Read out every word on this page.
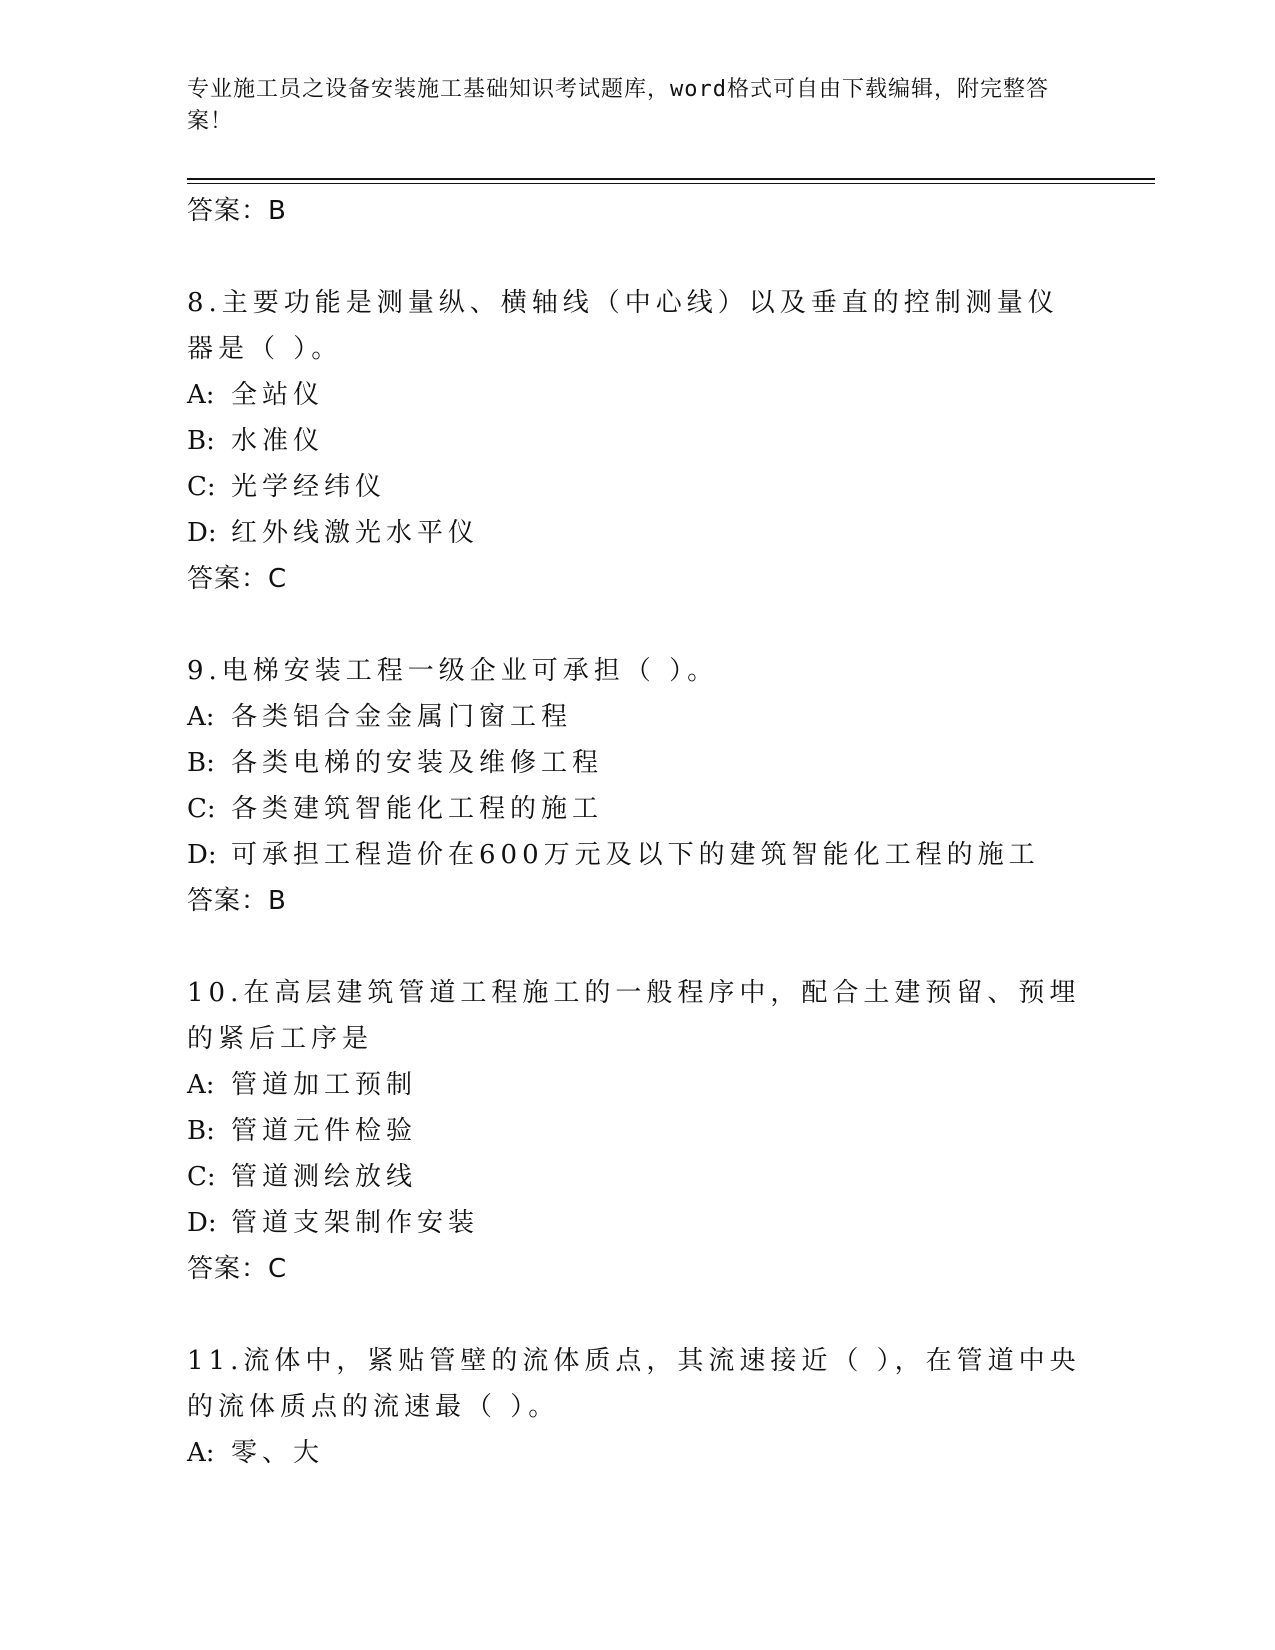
专业施工员之设备安装施工基础知识考试题库，word格式可自由下载编辑，附完整答案！
答案：B
8.主要功能是测量纵、横轴线（中心线）以及垂直的控制测量仪器是（ ）。
A: 全站仪
B: 水准仪
C: 光学经纬仪
D: 红外线激光水平仪
答案：C
9.电梯安装工程一级企业可承担（ ）。
A: 各类铝合金金属门窗工程
B: 各类电梯的安装及维修工程
C: 各类建筑智能化工程的施工
D: 可承担工程造价在600万元及以下的建筑智能化工程的施工
答案：B
10.在高层建筑管道工程施工的一般程序中，配合土建预留、预埋的紧后工序是
A: 管道加工预制
B: 管道元件检验
C: 管道测绘放线
D: 管道支架制作安装
答案：C
11.流体中，紧贴管壁的流体质点，其流速接近（ ），在管道中央的流体质点的流速最（ ）。
A: 零、大
